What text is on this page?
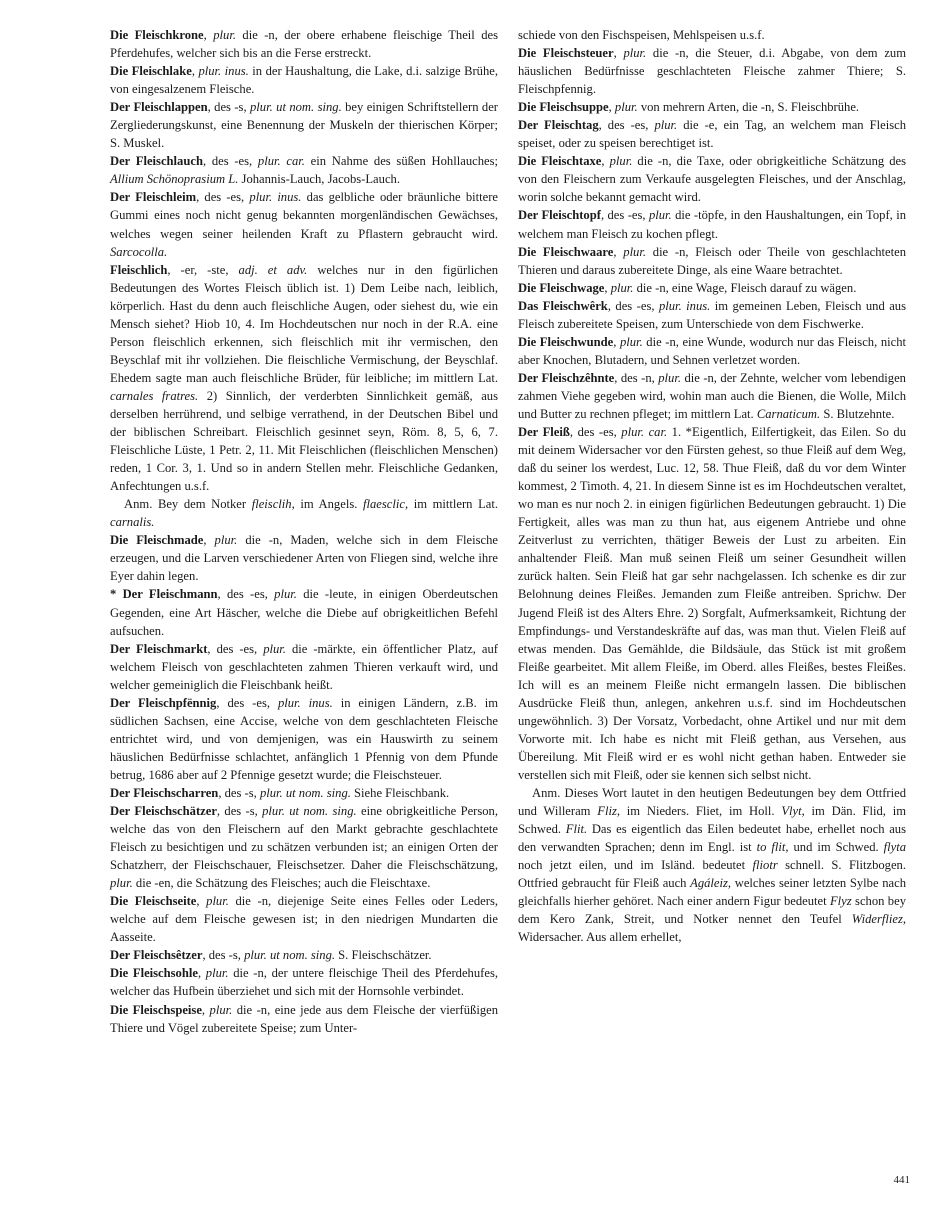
Die Fleischkrone, plur. die -n, der obere erhabene fleischige Theil des Pferdehufes, welcher sich bis an die Ferse erstreckt.

Die Fleischlake, plur. inus. in der Haushaltung, die Lake, d.i. salzige Brühe, von eingesalzenem Fleische.

Der Fleischlappen, des -s, plur. ut nom. sing. bey einigen Schriftstellern der Zergliederungskunst, eine Benennung der Muskeln der thierischen Körper; S. Muskel.

Der Fleischlauch, des -es, plur. car. ein Nahme des süßen Hohllauches; Allium Schönoprasium L. Johannis-Lauch, Jacobs-Lauch.

Der Fleischleim, des -es, plur. inus. das gelbliche oder bräunliche bittere Gummi eines noch nicht genug bekannten morgenländischen Gewächses, welches wegen seiner heilenden Kraft zu Pflastern gebraucht wird. Sarcocolla.

Fleischlich, -er, -ste, adj. et adv. welches nur in den figürlichen Bedeutungen des Wortes Fleisch üblich ist. 1) Dem Leibe nach, leiblich, körperlich. Hast du denn auch fleischliche Augen, oder siehest du, wie ein Mensch siehet? Hiob 10, 4. Im Hochdeutschen nur noch in der R.A. eine Person fleischlich erkennen, sich fleischlich mit ihr vermischen, den Beyschlaf mit ihr vollziehen. Die fleischliche Vermischung, der Beyschlaf. Ehedem sagte man auch fleischliche Brüder, für leibliche; im mittlern Lat. carnales fratres. 2) Sinnlich, der verderbten Sinnlichkeit gemäß, aus derselben herrührend, und selbige verrathend, in der Deutschen Bibel und der biblischen Schreibart. Fleischlich gesinnet seyn, Röm. 8, 5, 6, 7. Fleischliche Lüste, 1 Petr. 2, 11. Mit Fleischlichen (fleischlichen Menschen) reden, 1 Cor. 3, 1. Und so in andern Stellen mehr. Fleischliche Gedanken, Anfechtungen u.s.f.

Anm. Bey dem Notker fleisclih, im Angels. flaesclic, im mittlern Lat. carnalis.

Die Fleischmade, plur. die -n, Maden, welche sich in dem Fleische erzeugen, und die Larven verschiedener Arten von Fliegen sind, welche ihre Eyer dahin legen.

* Der Fleischmann, des -es, plur. die -leute, in einigen Oberdeutschen Gegenden, eine Art Häscher, welche die Diebe auf obrigkeitlichen Befehl aufsuchen.

Der Fleischmarkt, des -es, plur. die -märkte, ein öffentlicher Platz, auf welchem Fleisch von geschlachteten zahmen Thieren verkauft wird, und welcher gemeiniglich die Fleischbank heißt.

Der Fleischpfënnig, des -es, plur. inus. in einigen Ländern, z.B. im südlichen Sachsen, eine Accise, welche von dem geschlachteten Fleische entrichtet wird, und von demjenigen, was ein Hauswirth zu seinem häuslichen Bedürfnisse schlachtet, anfänglich 1 Pfennig von dem Pfunde betrug, 1686 aber auf 2 Pfennige gesetzt wurde; die Fleischsteuer.

Der Fleischscharren, des -s, plur. ut nom. sing. Siehe Fleischbank.

Der Fleischschätzer, des -s, plur. ut nom. sing. eine obrigkeitliche Person, welche das von den Fleischern auf den Markt gebrachte geschlachtete Fleisch zu besichtigen und zu schätzen verbunden ist; an einigen Orten der Schatzherr, der Fleischschauer, Fleischsetzer. Daher die Fleischschätzung, plur. die -en, die Schätzung des Fleisches; auch die Fleischtaxe.

Die Fleischseite, plur. die -n, diejenige Seite eines Felles oder Leders, welche auf dem Fleische gewesen ist; in den niedrigen Mundarten die Aasseite.

Der Fleischsêtzer, des -s, plur. ut nom. sing. S. Fleischschätzer.

Die Fleischsohle, plur. die -n, der untere fleischige Theil des Pferdehufes, welcher das Hufbein überziehet und sich mit der Hornsohle verbindet.

Die Fleischspeise, plur. die -n, eine jede aus dem Fleische der vierfüßigen Thiere und Vögel zubereitete Speise; zum Unter-

schiede von den Fischspeisen, Mehlspeisen u.s.f.

Die Fleischsteuer, plur. die -n, die Steuer, d.i. Abgabe, von dem zum häuslichen Bedürfnisse geschlachteten Fleische zahmer Thiere; S. Fleischpfennig.

Die Fleischsuppe, plur. von mehrern Arten, die -n, S. Fleischbrühe.

Der Fleischtag, des -es, plur. die -e, ein Tag, an welchem man Fleisch speiset, oder zu speisen berechtiget ist.

Die Fleischtaxe, plur. die -n, die Taxe, oder obrigkeitliche Schätzung des von den Fleischern zum Verkaufe ausgelegten Fleisches, und der Anschlag, worin solche bekannt gemacht wird.

Der Fleischtopf, des -es, plur. die -töpfe, in den Haushaltungen, ein Topf, in welchem man Fleisch zu kochen pflegt.

Die Fleischwaare, plur. die -n, Fleisch oder Theile von geschlachteten Thieren und daraus zubereitete Dinge, als eine Waare betrachtet.

Die Fleischwage, plur. die -n, eine Wage, Fleisch darauf zu wägen.

Das Fleischwêrk, des -es, plur. inus. im gemeinen Leben, Fleisch und aus Fleisch zubereitete Speisen, zum Unterschiede von dem Fischwerke.

Die Fleischwunde, plur. die -n, eine Wunde, wodurch nur das Fleisch, nicht aber Knochen, Blutadern, und Sehnen verletzet worden.

Der Fleischzêhnte, des -n, plur. die -n, der Zehnte, welcher vom lebendigen zahmen Viehe gegeben wird, wohin man auch die Bienen, die Wolle, Milch und Butter zu rechnen pfleget; im mittlern Lat. Carnaticum. S. Blutzehnte.

Der Fleiß, des -es, plur. car. 1. *Eigentlich, Eilfertigkeit, das Eilen. So du mit deinem Widersacher vor den Fürsten gehest, so thue Fleiß auf dem Weg, daß du seiner los werdest, Luc. 12, 58. Thue Fleiß, daß du vor dem Winter kommest, 2 Timoth. 4, 21. In diesem Sinne ist es im Hochdeutschen veraltet, wo man es nur noch 2. in einigen figürlichen Bedeutungen gebraucht. 1) Die Fertigkeit, alles was man zu thun hat, aus eigenem Antriebe und ohne Zeitverlust zu verrichten, thätiger Beweis der Lust zu arbeiten. Ein anhaltender Fleiß. Man muß seinen Fleiß um seiner Gesundheit willen zurück halten. Sein Fleiß hat gar sehr nachgelassen. Ich schenke es dir zur Belohnung deines Fleißes. Jemanden zum Fleiße antreiben. Sprichw. Der Jugend Fleiß ist des Alters Ehre. 2) Sorgfalt, Aufmerksamkeit, Richtung der Empfindungs- und Verstandeskräfte auf das, was man thut. Vielen Fleiß auf etwas menden. Das Gemählde, die Bildsäule, das Stück ist mit großem Fleiße gearbeitet. Mit allem Fleiße, im Oberd. alles Fleißes, bestes Fleißes. Ich will es an meinem Fleiße nicht ermangeln lassen. Die biblischen Ausdrücke Fleiß thun, anlegen, ankehren u.s.f. sind im Hochdeutschen ungewöhnlich. 3) Der Vorsatz, Vorbedacht, ohne Artikel und nur mit dem Vorworte mit. Ich habe es nicht mit Fleiß gethan, aus Versehen, aus Übereilung. Mit Fleiß wird er es wohl nicht gethan haben. Entweder sie verstellen sich mit Fleiß, oder sie kennen sich selbst nicht.

Anm. Dieses Wort lautet in den heutigen Bedeutungen bey dem Ottfried und Willeram Fliz, im Nieders. Fliet, im Holl. Vlyt, im Dän. Flid, im Schwed. Flit. Das es eigentlich das Eilen bedeutet habe, erhellet noch aus den verwandten Sprachen; denn im Engl. ist to flit, und im Schwed. flyta noch jetzt eilen, und im Isländ. bedeutet fliotr schnell. S. Flitzbogen. Ottfried gebraucht für Fleiß auch Agáleiz, welches seiner letzten Sylbe nach gleichfalls hierher gehöret. Nach einer andern Figur bedeutet Flyz schon bey dem Kero Zank, Streit, und Notker nennet den Teufel Widerfliez, Widersacher. Aus allem erhellet,

441
